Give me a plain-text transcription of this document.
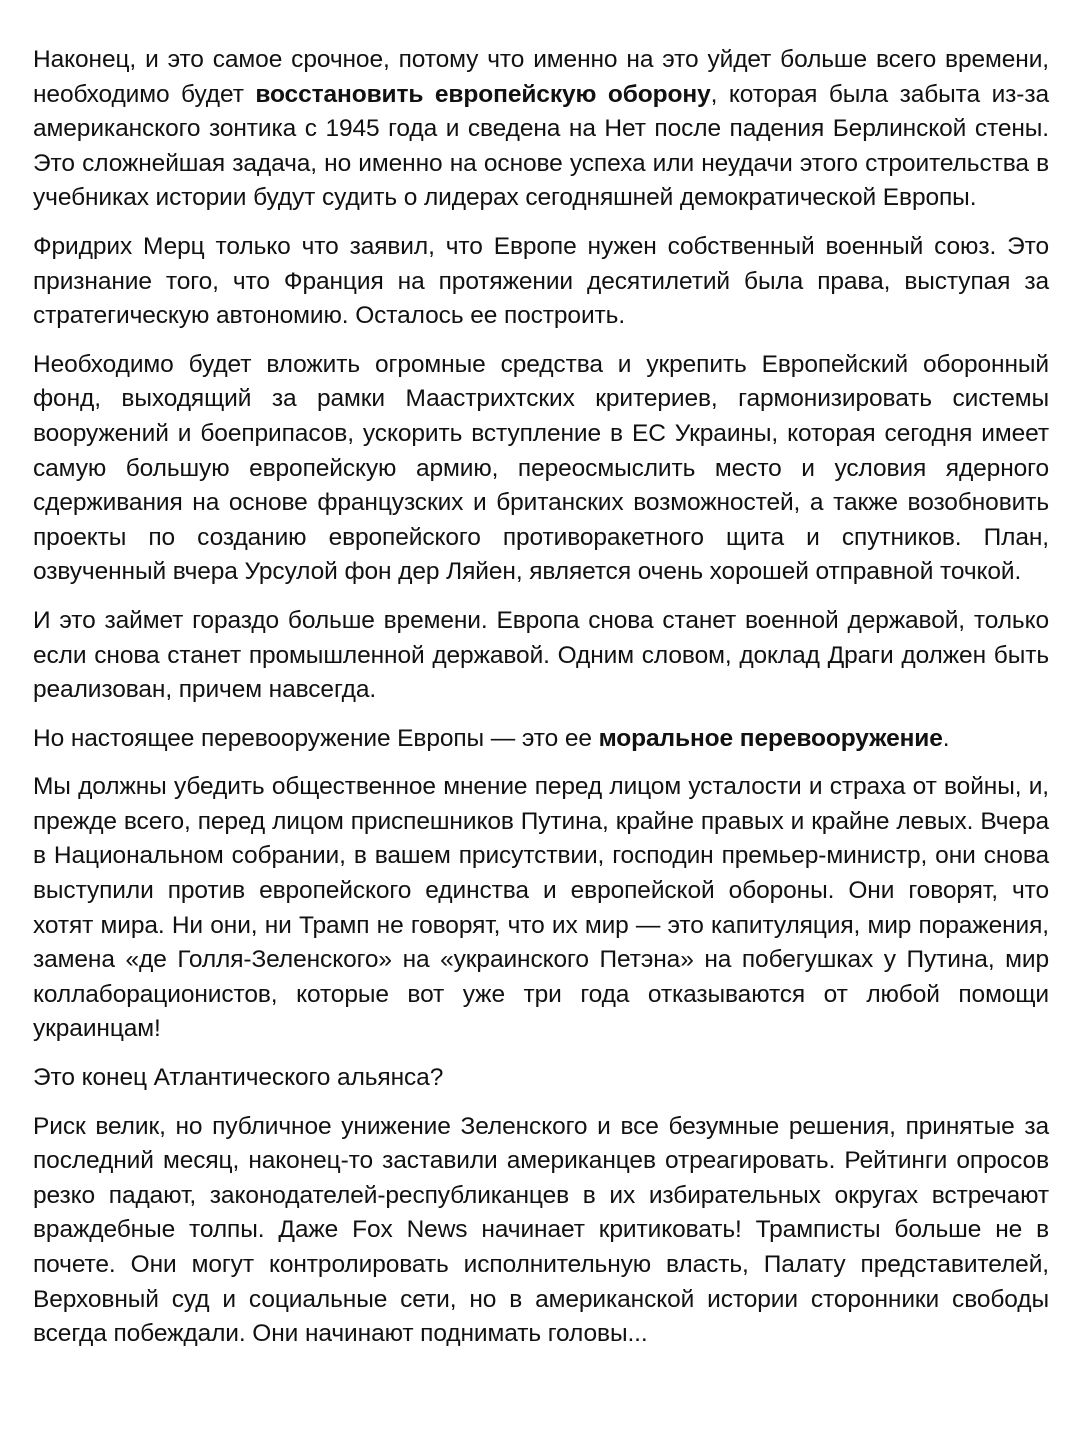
Наконец, и это самое срочное, потому что именно на это уйдет больше всего времени, необходимо будет восстановить европейскую оборону, которая была забыта из-за американского зонтика с 1945 года и сведена на Нет после падения Берлинской стены. Это сложнейшая задача, но именно на основе успеха или неудачи этого строительства в учебниках истории будут судить о лидерах сегодняшней демократической Европы.

Фридрих Мерц только что заявил, что Европе нужен собственный военный союз. Это признание того, что Франция на протяжении десятилетий была права, выступая за стратегическую автономию. Осталось ее построить.

Необходимо будет вложить огромные средства и укрепить Европейский оборонный фонд, выходящий за рамки Маастрихтских критериев, гармонизировать системы вооружений и боеприпасов, ускорить вступление в ЕС Украины, которая сегодня имеет самую большую европейскую армию, переосмыслить место и условия ядерного сдерживания на основе французских и британских возможностей, а также возобновить проекты по созданию европейского противоракетного щита и спутников. План, озвученный вчера Урсулой фон дер Ляйен, является очень хорошей отправной точкой.

И это займет гораздо больше времени. Европа снова станет военной державой, только если снова станет промышленной державой. Одним словом, доклад Драги должен быть реализован, причем навсегда.

Но настоящее перевооружение Европы — это ее моральное перевооружение.

Мы должны убедить общественное мнение перед лицом усталости и страха от войны, и, прежде всего, перед лицом приспешников Путина, крайне правых и крайне левых. Вчера в Национальном собрании, в вашем присутствии, господин премьер-министр, они снова выступили против европейского единства и европейской обороны. Они говорят, что хотят мира. Ни они, ни Трамп не говорят, что их мир — это капитуляция, мир поражения, замена «де Голля-Зеленского» на «украинского Петэна» на побегушках у Путина, мир коллаборационистов, которые вот уже три года отказываются от любой помощи украинцам!

Это конец Атлантического альянса?

Риск велик, но публичное унижение Зеленского и все безумные решения, принятые за последний месяц, наконец-то заставили американцев отреагировать. Рейтинги опросов резко падают, законодателей-республиканцев в их избирательных округах встречают враждебные толпы. Даже Fox News начинает критиковать! Трамписты больше не в почете. Они могут контролировать исполнительную власть, Палату представителей, Верховный суд и социальные сети, но в американской истории сторонники свободы всегда побеждали. Они начинают поднимать головы...
